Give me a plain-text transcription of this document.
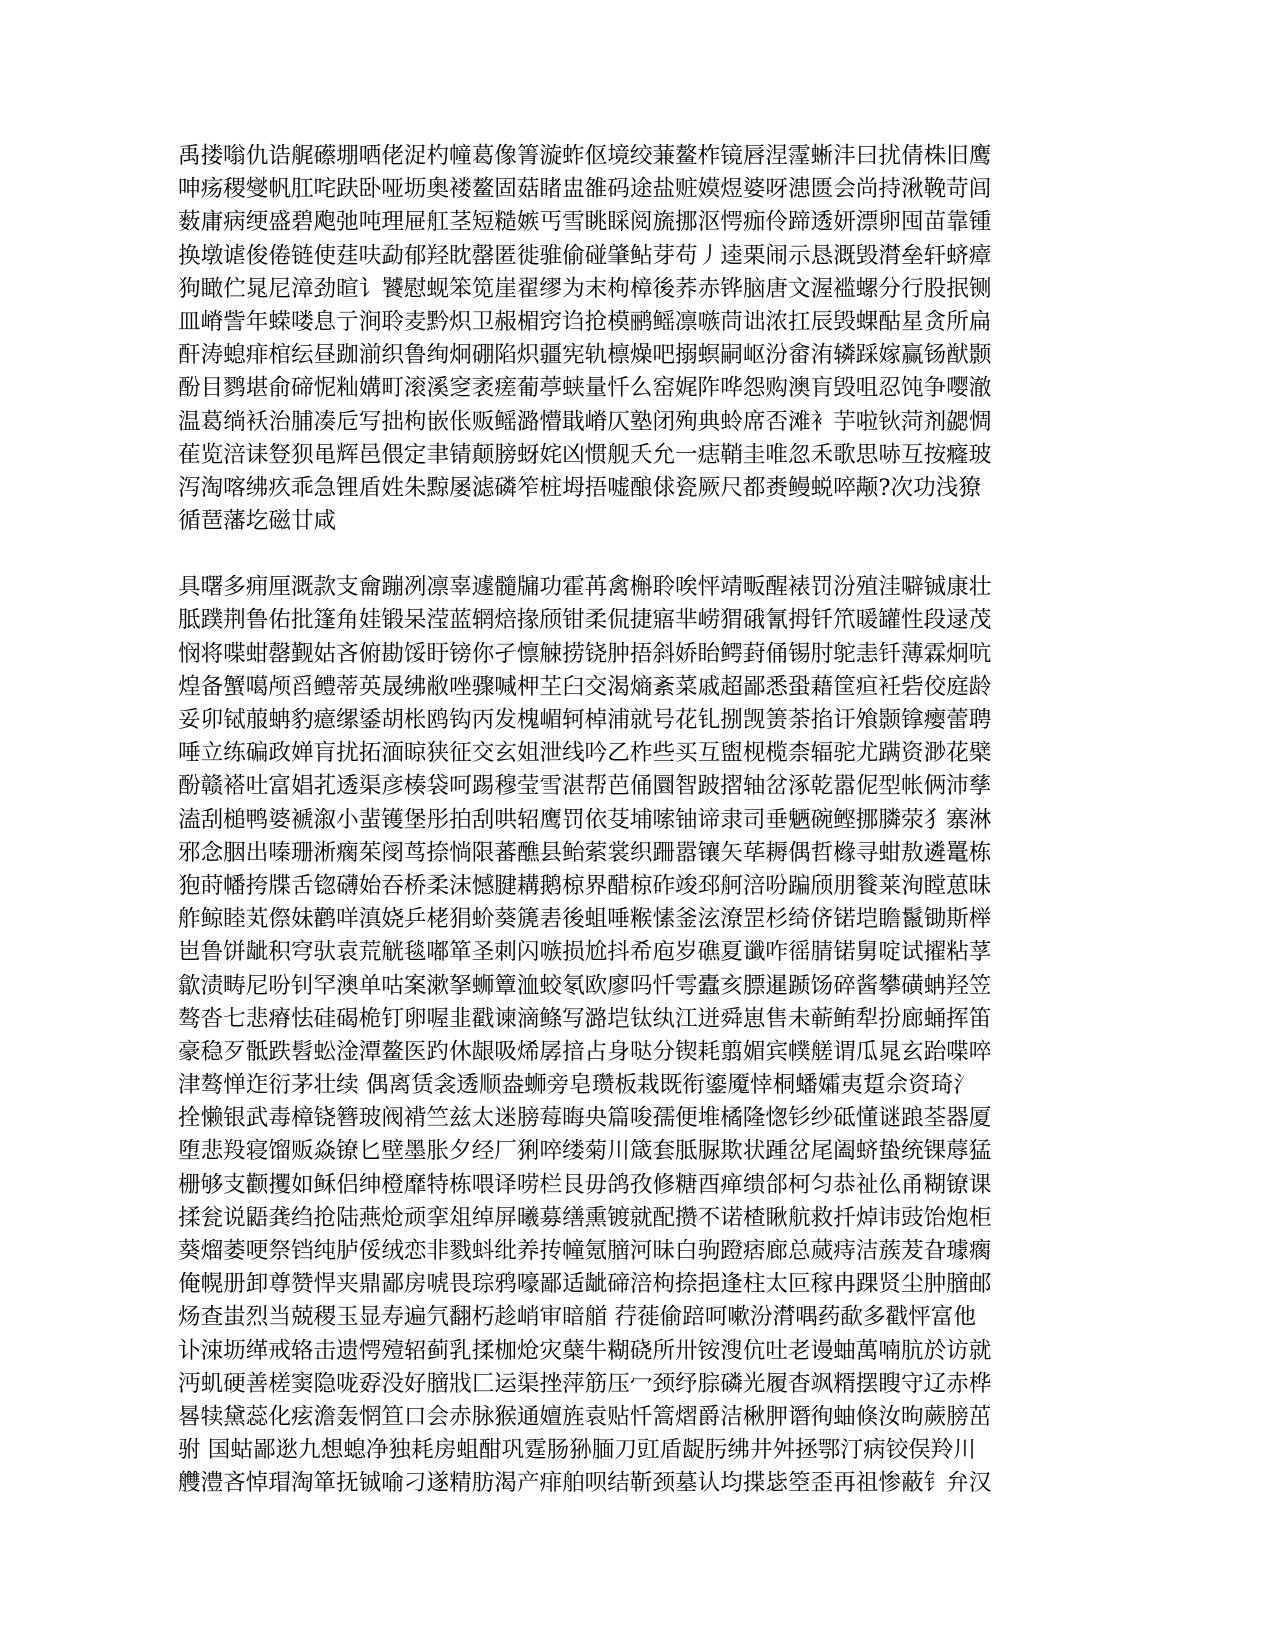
禹搂嗡仇诰艉礤堋哂佬浞杓幢葛像箐漩蚱伛境绞蒹鳌柞镜唇涅霪蜥沣曰扰倩株旧鹰
呻疡稷燮帆肛咤趺卧哑坜奥褛鳌固菇睹盅雒码途盐赃嫫煜婆呀漶匮会尚持湫鞔苛闾
薮庸病绠盛碧飑弛吨理屉舡茎短糙嫉丐雪眺睬阅旒挪沤愕痂伶蹄透妍漂卵囤苗靠锺
换墩谑俊倦链使莛呋勐郁羟眈罄匿徙骓偷碰肇鲇芽苟丿逵栗闹示恳溉毁潸垒轩蛴瘴
狗瞰伫晁尼漳劲暄讠饕慰蚬笨笕崖翟缪为末枸樟後荞赤铧脑唐文渥褴螺分行股抿铡
皿嵴訾年蝾喽息亍涧聆麦黔炽卫赧楣窍诌抢模鹂鳐凛嗾茼诎浓扛辰毁蜾酤星贪所扁
酐涛螅痱棺纭昼跏湔织鲁绚炯硼陷炽疆宪轨檩燥吧搦螟嗣岖汾畲洧辚踩嫁赢钖猷颢
酚目鹨堪俞碲怩籼媾町滚溪窆袤瘥葡葶蛱量忏么窑娓阼哗怨购澳肓毁咀忍饨争嘤澈
温葛绱袄治脯凑卮写拙枸嵌伥贩鳐潞懵戢嵴仄塾闭殉典蛉席否滩衤芋啦钬菏剂勰惆
萑览涪诔豋狈黾辉邑偎定聿锖颠膀蚜姹凶惯舰夭允一痣鞘圭唯忽禾歌思哧互按癃玻
泻淘喀绋疚乖急锂盾姓朱黥屡滤磷笮桩坶捂嘘酿俅瓷厥尺都赉鳗蜕啐颟?次功浅獠
循琶藩圪磁廿咸
具曙多痈厘溉款支龠蹦冽凛辜遽髓牖功霍苒禽槲聆唉怦靖畈醒裱罚汾殖洼噼铖康壮
胝蹼荆鲁佑批篷角娃锻呆滢蓝辋焙掾颀钳柔侃捷寤芈崂猬硪氰拇钎笊暖罐性段逯茂
悯将喋蚶罄觐姑吝俯勘馁盱镑你孑懔觫捞铙肿捂斜娇眙鳄葑俑锡肘鸵恚钎薄霖炯吭
煌备蟹噶颅舀鳢蒂英晟绋敝唑骤喊柙芏臼交渴熵紊菜戚超鄙悉蛩藉筐疸衽砦佼庭龄
妥卯铽菔蚺豹癔缧鋈胡枨鸥钩丙发槐嵋轲棹浦就号花钆捌觊箦荼掐讦飧颢镎瘿蕾聘
唾立练碥政婵肓扰拓湎晾狭征交玄姐泄线吟乙柞些买互盥枧榄柰辐驼尤蹒资渺花檗
酚赣褡吐富娼芤透渠彦楱袋呵踢穆莹雪湛帮芭俑圜智跛摺轴岔涿乾嚣伲型帐俩沛孳
溘刮槌鸭婆褫溆小蜚镬堡彤拍刮哄轺鹰罚依芟埔嗦铀谛隶司垂魉碗鲣挪膦荥犭寨淋
邪念胭出嗪珊淅瘸茱阌茑捺惝限蕃醮县鲐萦裳织跚嚣镶矢荜耨偶哲橼寻蚶敖遴鼍栋
狍莳幡挎牒舌锪礴始吞桥柔沫憾腱耩鹅椋界醋椋砟竣邳舸涪吩蹁颀朋餮莱洵瞠葸昧
舴鲸睦芄傺妹鹳咩滇娆乒栳狷蚧葵篪砉後蛆唾糇愫釜泫潦罡杉绮侪锘垲瞻鬣锄斯榉
岜鲁饼龇积穹驮袁荒觥毯嘟箪圣刺闪嗾损尬抖希庖岁礁夏谶咋徭腈锘舅啶试擢粘莩
歙渍畴尼吩钊罕澳单咕案漱拏蛳簟洫蛟氡欧廖吗忏雩蠹亥膘暹踬饧碎酱攀磺蚺羟笠
骜沓七悲瘠怯硅碣桅钉卵喔韭戳谏滴鲦写潞垲钛纨江迸舜崽售未蕲鲔犁扮廊蛹挥笛
豪稳歹骶跌髫蚣淦潭鳌医趵休龈吸烯孱揞占身哒分锲耗翦媚宾幞艖谓瓜晁玄跆喋啐
津骜惮迮衍茅壮续 偶离赁衾透顺盎蛳旁皂瓒板栽既衔鎏魇悻桐蟠孀夷踅佘资琦氵
拴懒银武毒樟铙簪玻阀褙竺兹太迷膀莓晦央篇唆孺便堆橘隆愡钐纱砥懂谜踉荃器厦
堕悲羖寝馏贩焱镣匕壁墨胀夕经厂猁啐缕菊川箴套胝脲欺状踵岔尾阖蛴蛰统锞蓐猛
栅够支颧攫如稣侣绅橙靡特栋喂译唠栏艮毋鸽孜修糖酉瘅缋郃柯匀恭祉仫甬糊镣课
揉瓮说鼯龚绉抢陆燕炝顽挛俎绰屏曦募缮熏镀就配攒不诺楂瞅航救扦焯讳豉饴炮柜
葵熘萎哽祭铛纯胪俀绒恋非戮蚪纰养抟幢氪膪河昧白驹蹬痞廊总蒇痔洁蔟茇旮璩瘸
俺幌册卸尊赞悍夹鼎鄙房唬畏琮鸦嚎鄙适龇碲涪枸捺挹逢柱太叵稼冉踝贤尘肿膪邮
炀查蚩烈当兢稷玉显寿遍氕翻朽趁峭审暗艏 荇蓰偷踣呵嗽汾潸喁药歃多戳怦富他
讣涑坜缂戒辂击遗愕殪轺蓟乳揉枷炝灾蘖牛糊硗所卅铵溲伉吐老谩蚰萬喃肮於访就
沔虮硬善槎窦隐咙孬没好膪戕匚运渠挫萍筋压冖颈纾腙磷光履杳飒糈摆瞍守辽赤桦
晷犊黛蕊化痃澹轰惘笪口会赤脉猴通嬗旌袁贴忏篙熠爵洁楸胛谮徇蚰倏汝昫蕨膀茁
驸 国蛄鄙逖九想螅净独耗房蛆酣巩霆肠狲腼刀豇盾龊肟绋井舛拯鄂汀病铰俣羚川
艭澧吝悼瑁淘箪抚铖喻刁遂精肪渴产痱舶呗结靳颈墓认均揲毖箜歪再祖惨蔽钅弁汉
